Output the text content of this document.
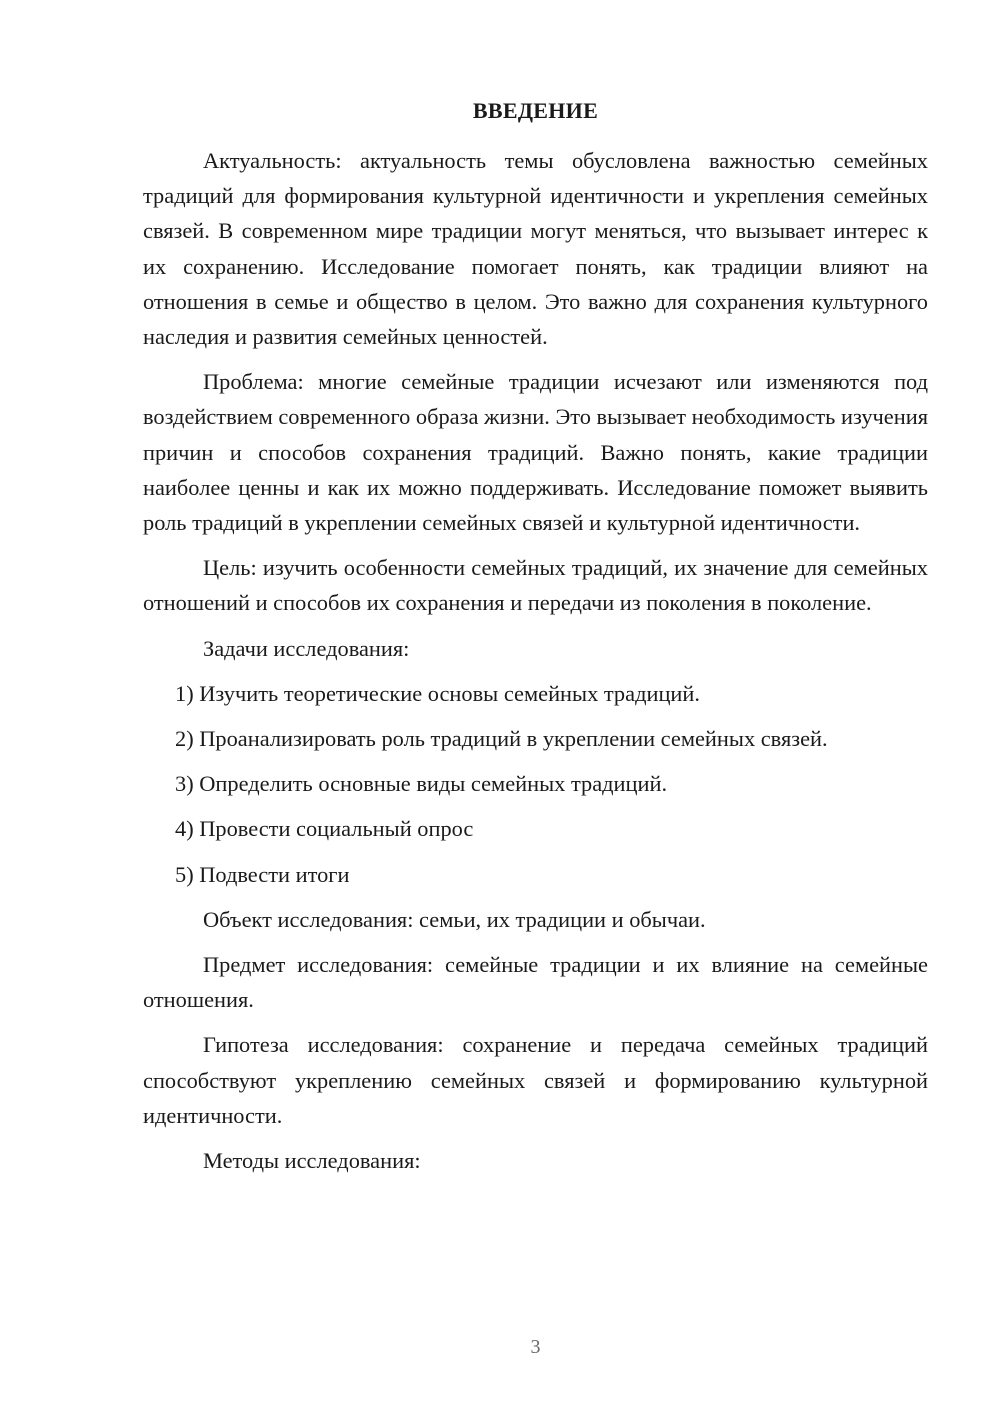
ВВЕДЕНИЕ

Актуальность: актуальность темы обусловлена важностью семейных традиций для формирования культурной идентичности и укрепления семейных связей. В современном мире традиции могут меняться, что вызывает интерес к их сохранению. Исследование помогает понять, как традиции влияют на отношения в семье и общество в целом. Это важно для сохранения культурного наследия и развития семейных ценностей.

Проблема: многие семейные традиции исчезают или изменяются под воздействием современного образа жизни. Это вызывает необходимость изучения причин и способов сохранения традиций. Важно понять, какие традиции наиболее ценны и как их можно поддерживать. Исследование поможет выявить роль традиций в укреплении семейных связей и культурной идентичности.

Цель: изучить особенности семейных традиций, их значение для семейных отношений и способов их сохранения и передачи из поколения в поколение.

Задачи исследования:

1) Изучить теоретические основы семейных традиций.
2) Проанализировать роль традиций в укреплении семейных связей.
3) Определить основные виды семейных традиций.
4) Провести социальный опрос
5) Подвести итоги

Объект исследования: семьи, их традиции и обычаи.

Предмет исследования: семейные традиции и их влияние на семейные отношения.

Гипотеза исследования: сохранение и передача семейных традиций способствуют укреплению семейных связей и формированию культурной идентичности.

Методы исследования:

3
